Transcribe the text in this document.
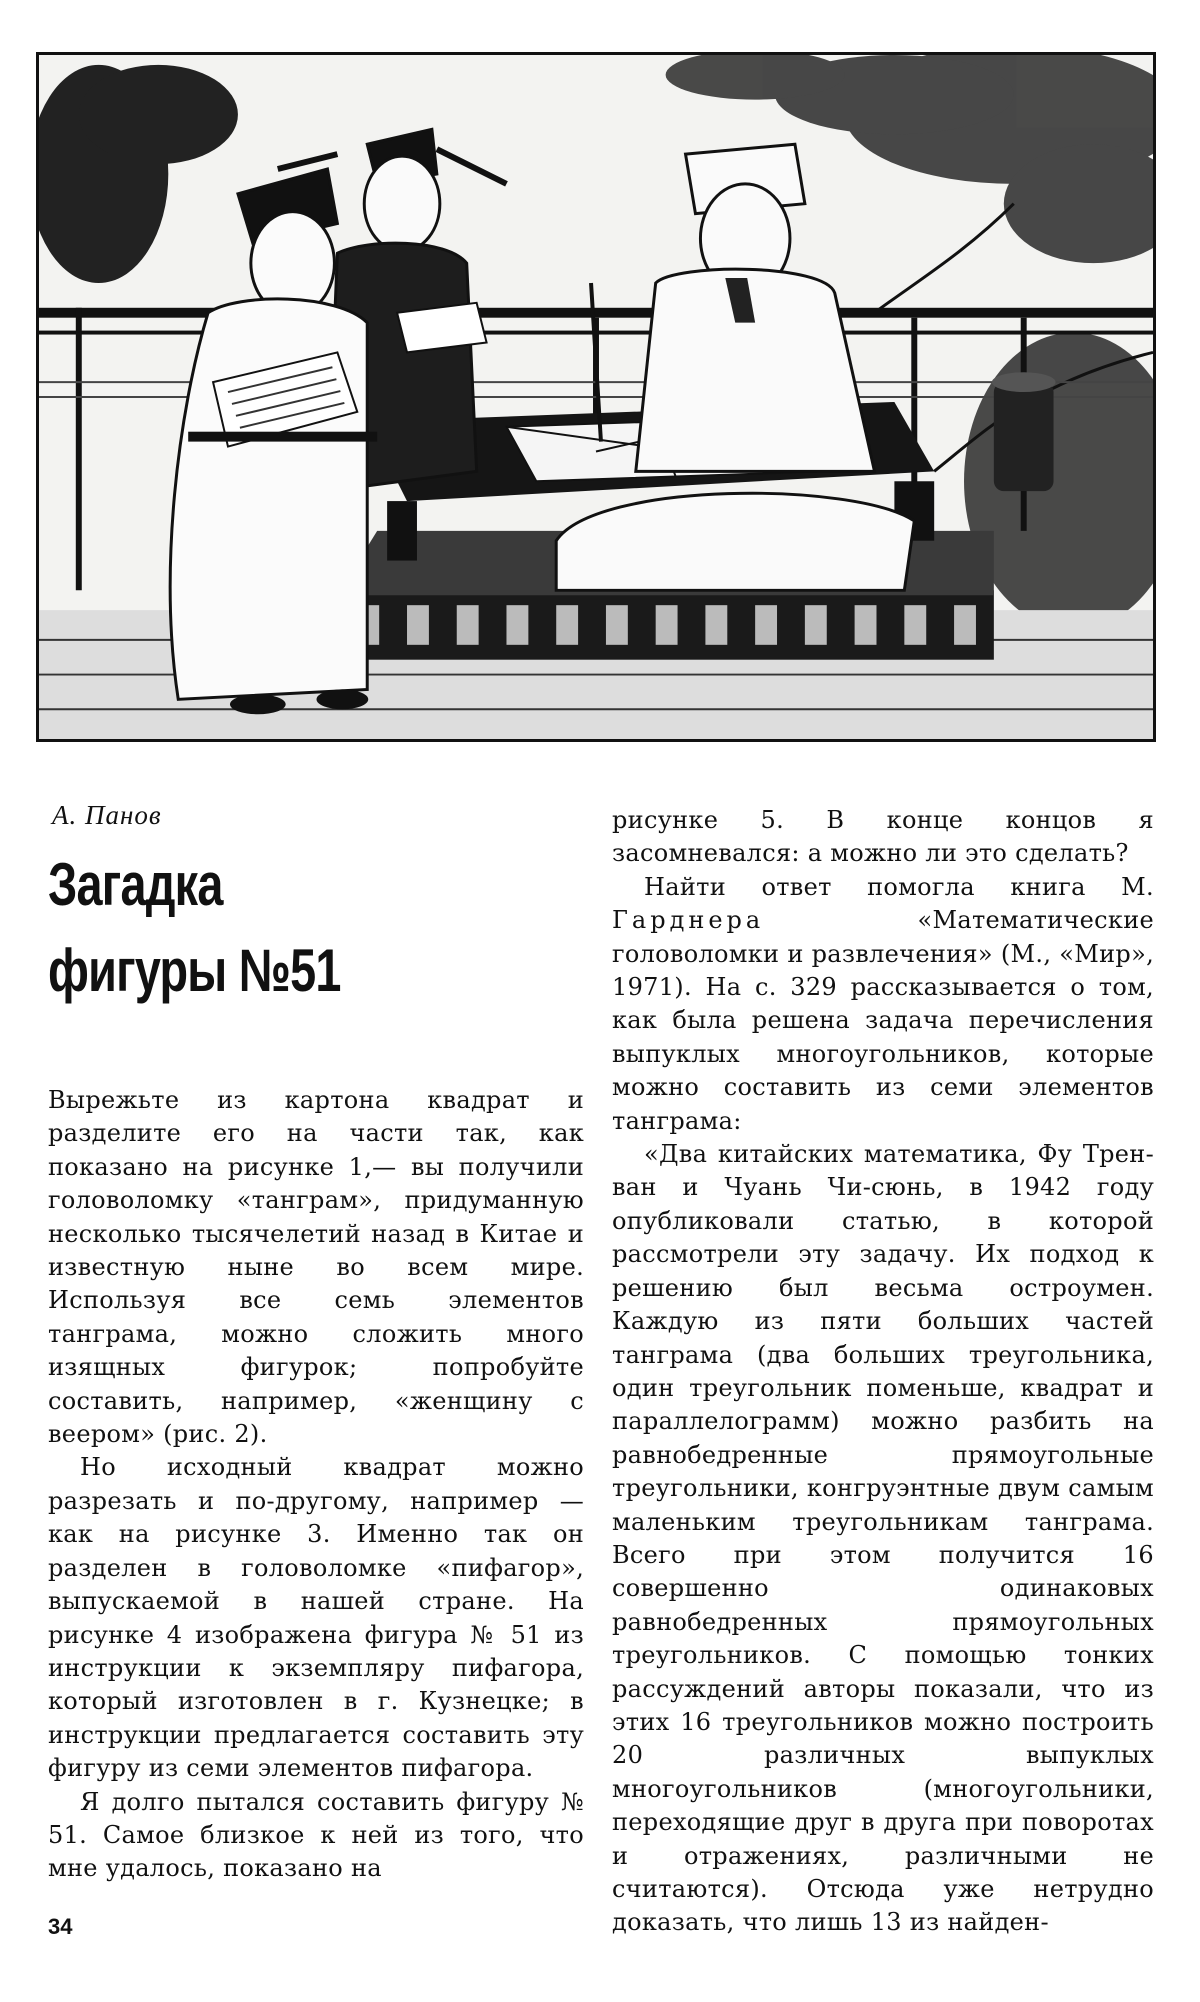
А. Панов
Загадка
фигуры №51

Вырежьте из картона квадрат и разделите его на части так, как показано на рисунке 1,— вы получили головоломку «танграм», придуманную несколько тысячелетий назад в Китае и известную ныне во всем мире. Используя все семь элементов танграма, можно сложить много изящных фигурок; попробуйте составить, например, «женщину с веером» (рис. 2).

Но исходный квадрат можно разрезать и по-другому, например — как на рисунке 3. Именно так он разделен в головоломке «пифагор», выпускаемой в нашей стране. На рисунке 4 изображена фигура № 51 из инструкции к экземпляру пифагора, который изготовлен в г. Кузнецке; в инструкции предлагается составить эту фигуру из семи элементов пифагора.

Я долго пытался составить фигуру № 51. Самое близкое к ней из того, что мне удалось, показано на

рисунке 5. В конце концов я засомневался: а можно ли это сделать?

Найти ответ помогла книга М. Гарднера	«Математические головоломки и развлечения» (М., «Мир», 1971). На с. 329 рассказывается о том, как была решена задача перечисления выпуклых многоугольников, которые можно составить из семи элементов танграма:

«Два китайских математика, Фу Трен-ван и Чуань Чи-сюнь, в 1942 году опубликовали статью, в которой рассмотрели эту задачу. Их подход к решению был весьма остроумен. Каждую из пяти больших частей танграма (два больших треугольника, один треугольник поменьше, квадрат и параллелограмм) можно разбить на равнобедренные прямоугольные треугольники, конгруэнтные двум самым маленьким треугольникам танграма. Всего при этом получится 16 совершенно одинаковых равнобедренных прямоугольных треугольников. С помощью тонких рассуждений авторы показали, что из этих 16 треугольников можно построить 20 различных выпуклых многоугольников (многоугольники, переходящие друг в друга при поворотах и отражениях, различными не считаются). Отсюда уже нетрудно доказать, что лишь 13 из найден-

34
